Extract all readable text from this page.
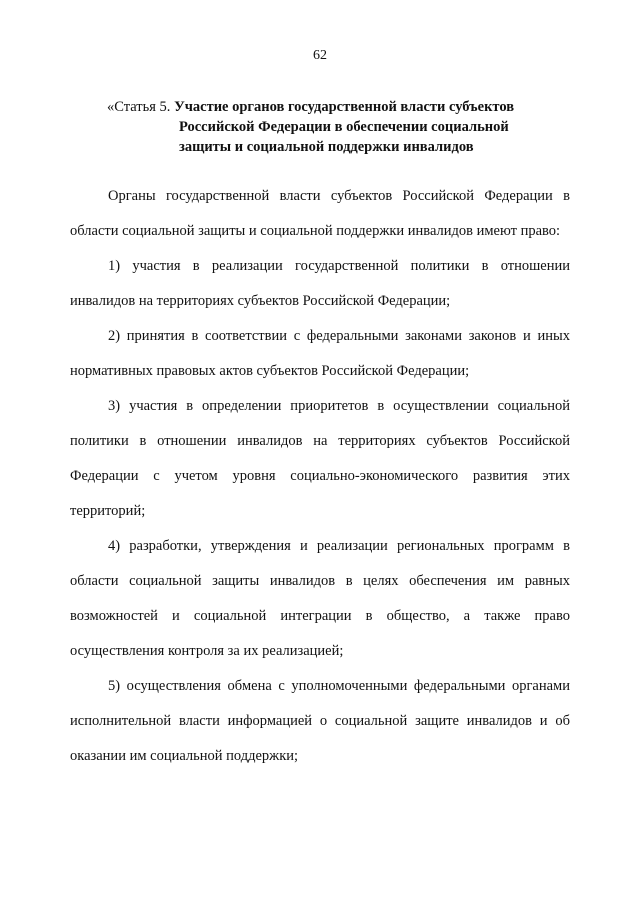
62
«Статья 5. Участие органов государственной власти субъектов
Российской Федерации в обеспечении социальной
защиты и социальной поддержки инвалидов

Органы государственной власти субъектов Российской Федерации в области социальной защиты и социальной поддержки инвалидов имеют право:

1) участия в реализации государственной политики в отношении инвалидов на территориях субъектов Российской Федерации;

2) принятия в соответствии с федеральными законами законов и иных нормативных правовых актов субъектов Российской Федерации;

3) участия в определении приоритетов в осуществлении социальной политики в отношении инвалидов на территориях субъектов Российской Федерации с учетом уровня социально-экономического развития этих территорий;

4) разработки, утверждения и реализации региональных программ в области социальной защиты инвалидов в целях обеспечения им равных возможностей и социальной интеграции в общество, а также право осуществления контроля за их реализацией;

5) осуществления обмена с уполномоченными федеральными органами исполнительной власти информацией о социальной защите инвалидов и об оказании им социальной поддержки;
